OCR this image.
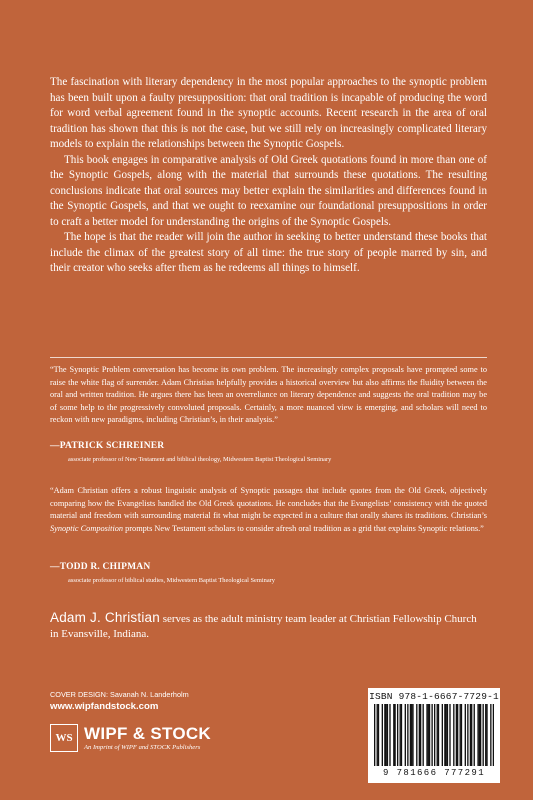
The fascination with literary dependency in the most popular approaches to the synoptic problem has been built upon a faulty presupposition: that oral tradition is incapable of producing the word for word verbal agreement found in the synoptic accounts. Recent research in the area of oral tradition has shown that this is not the case, but we still rely on increasingly complicated literary models to explain the relationships between the Synoptic Gospels.

This book engages in comparative analysis of Old Greek quotations found in more than one of the Synoptic Gospels, along with the material that surrounds these quotations. The resulting conclusions indicate that oral sources may better explain the similarities and differences found in the Synoptic Gospels, and that we ought to reexamine our foundational presuppositions in order to craft a better model for understanding the origins of the Synoptic Gospels.

The hope is that the reader will join the author in seeking to better understand these books that include the climax of the greatest story of all time: the true story of people marred by sin, and their creator who seeks after them as he redeems all things to himself.

“The Synoptic Problem conversation has become its own problem. The increasingly complex proposals have prompted some to raise the white flag of surrender. Adam Christian helpfully provides a historical overview but also affirms the fluidity between the oral and written tradition. He argues there has been an overreliance on literary dependence and suggests the oral tradition may be of some help to the progressively convoluted proposals. Certainly, a more nuanced view is emerging, and scholars will need to reckon with new paradigms, including Christian’s, in their analysis.”

—PATRICK SCHREINER
associate professor of New Testament and biblical theology, Midwestern Baptist Theological Seminary

“Adam Christian offers a robust linguistic analysis of Synoptic passages that include quotes from the Old Greek, objectively comparing how the Evangelists handled the Old Greek quotations. He concludes that the Evangelists’ consistency with the quoted material and freedom with surrounding material fit what might be expected in a culture that orally shares its traditions. Christian’s Synoptic Composition prompts New Testament scholars to consider afresh oral tradition as a grid that explains Synoptic relations.”

—TODD R. CHIPMAN
associate professor of biblical studies, Midwestern Baptist Theological Seminary
Adam J. Christian serves as the adult ministry team leader at Christian Fellowship Church in Evansville, Indiana.
COVER DESIGN: Savanah N. Landerholm
www.wipfandstock.com
WS WIPF & STOCK
An Imprint of WIPF and STOCK Publishers
ISBN 978-1-6667-7729-1
9 781666 777291
